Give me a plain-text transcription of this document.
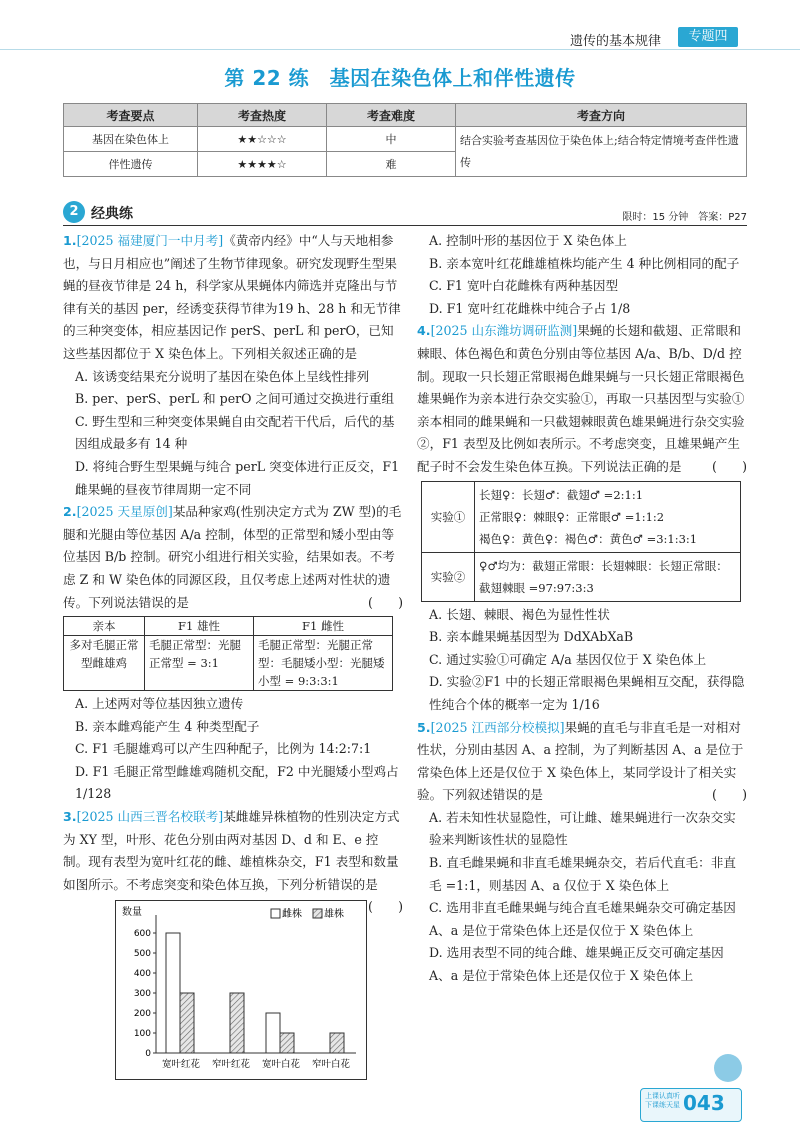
遗传的基本规律	专题四
第 22 练　基因在染色体上和伴性遗传
考查要点	考查热度	考查难度	考查方向
基因在染色体上	★★☆☆☆	中	结合实验考查基因位于染色体上;结合特定情境考查伴性遗传
伴性遗传	★★★★☆	难	
2 经典练	限时：15 分钟　答案：P27

1.[2025 福建厦门一中月考]《黄帝内经》中“人与天地相参也，与日月相应也”阐述了生物节律现象。研究发现野生型果蝇的昼夜节律是 24 h，科学家从果蝇体内筛选并克隆出与节律有关的基因 per，经诱变获得节律为19 h、28 h 和无节律的三种突变体，相应基因记作 perS、perL 和 perO，已知这些基因都位于 X 染色体上。下列相关叙述正确的是

A. 该诱变结果充分说明了基因在染色体上呈线性排列

B. per、perS、perL 和 perO 之间可通过交换进行重组

C. 野生型和三种突变体果蝇自由交配若干代后，后代的基因组成最多有 14 种

D. 将纯合野生型果蝇与纯合 perL 突变体进行正反交，F1 雌果蝇的昼夜节律周期一定不同

2.[2025 天星原创]某品种家鸡(性别决定方式为 ZW 型)的毛腿和光腿由等位基因 A/a 控制，体型的正常型和矮小型由等位基因 B/b 控制。研究小组进行相关实验，结果如表。不考虑 Z 和 W 染色体的同源区段，且仅考虑上述两对性状的遗传。下列说法错误的是	(　　)

亲本	F1 雄性	F1 雌性
多对毛腿正常型雌雄鸡	毛腿正常型：光腿正常型 = 3:1	毛腿正常型：光腿正常型：毛腿矮小型：光腿矮小型 = 9:3:3:1

A. 上述两对等位基因独立遗传

B. 亲本雌鸡能产生 4 种类型配子

C. F1 毛腿雄鸡可以产生四种配子，比例为 14:2:7:1

D. F1 毛腿正常型雌雄鸡随机交配，F2 中光腿矮小型鸡占 1/128

3.[2025 山西三晋名校联考]某雌雄异株植物的性别决定方式为 XY 型，叶形、花色分别由两对基因 D、d 和 E、e 控制。现有表型为宽叶红花的雌、雄植株杂交，F1 表型和数量如图所示。不考虑突变和染色体互换，下列分析错误的是
(　　)

数量
0
100
200
300
400
500
600
宽叶红花 窄叶红花 宽叶白花 窄叶白花
雌株 雄株

A. 控制叶形的基因位于 X 染色体上

B. 亲本宽叶红花雌雄植株均能产生 4 种比例相同的配子

C. F1 宽叶白花雌株有两种基因型

D. F1 宽叶红花雌株中纯合子占 1/8

4.[2025 山东潍坊调研监测]果蝇的长翅和截翅、正常眼和棘眼、体色褐色和黄色分别由等位基因 A/a、B/b、D/d 控制。现取一只长翅正常眼褐色雌果蝇与一只长翅正常眼褐色雄果蝇作为亲本进行杂交实验①，再取一只基因型与实验①亲本相同的雌果蝇和一只截翅棘眼黄色雄果蝇进行杂交实验②，F1 表型及比例如表所示。不考虑突变，且雄果蝇产生配子时不会发生染色体互换。下列说法正确的是 (　　)

实验①	长翅♀：长翅♂：截翅♂ =2:1:1
正常眼♀：棘眼♀：正常眼♂ =1:1:2
褐色♀：黄色♀：褐色♂：黄色♂ =3:1:3:1

实验②	♀♂均为：截翅正常眼：长翅棘眼：长翅正常眼：截翅棘眼 =97:97:3:3

A. 长翅、棘眼、褐色为显性性状

B. 亲本雌果蝇基因型为 DdXAbXaB

C. 通过实验①可确定 A/a 基因仅位于 X 染色体上

D. 实验②F1 中的长翅正常眼褐色果蝇相互交配，获得隐性纯合个体的概率一定为 1/16

5.[2025 江西部分校模拟]果蝇的直毛与非直毛是一对相对性状，分别由基因 A、a 控制，为了判断基因 A、a 是位于常染色体上还是仅位于 X 染色体上，某同学设计了相关实验。下列叙述错误的是	(　　)

A. 若未知性状显隐性，可让雌、雄果蝇进行一次杂交实验来判断该性状的显隐性

B. 直毛雌果蝇和非直毛雄果蝇杂交，若后代直毛：非直毛 =1:1，则基因 A、a 仅位于 X 染色体上

C. 选用非直毛雌果蝇与纯合直毛雄果蝇杂交可确定基因 A、a 是位于常染色体上还是仅位于 X 染色体上

D. 选用表型不同的纯合雌、雄果蝇正反交可确定基因 A、a 是位于常染色体上还是仅位于 X 染色体上

上课认真听
下课练天星 043
